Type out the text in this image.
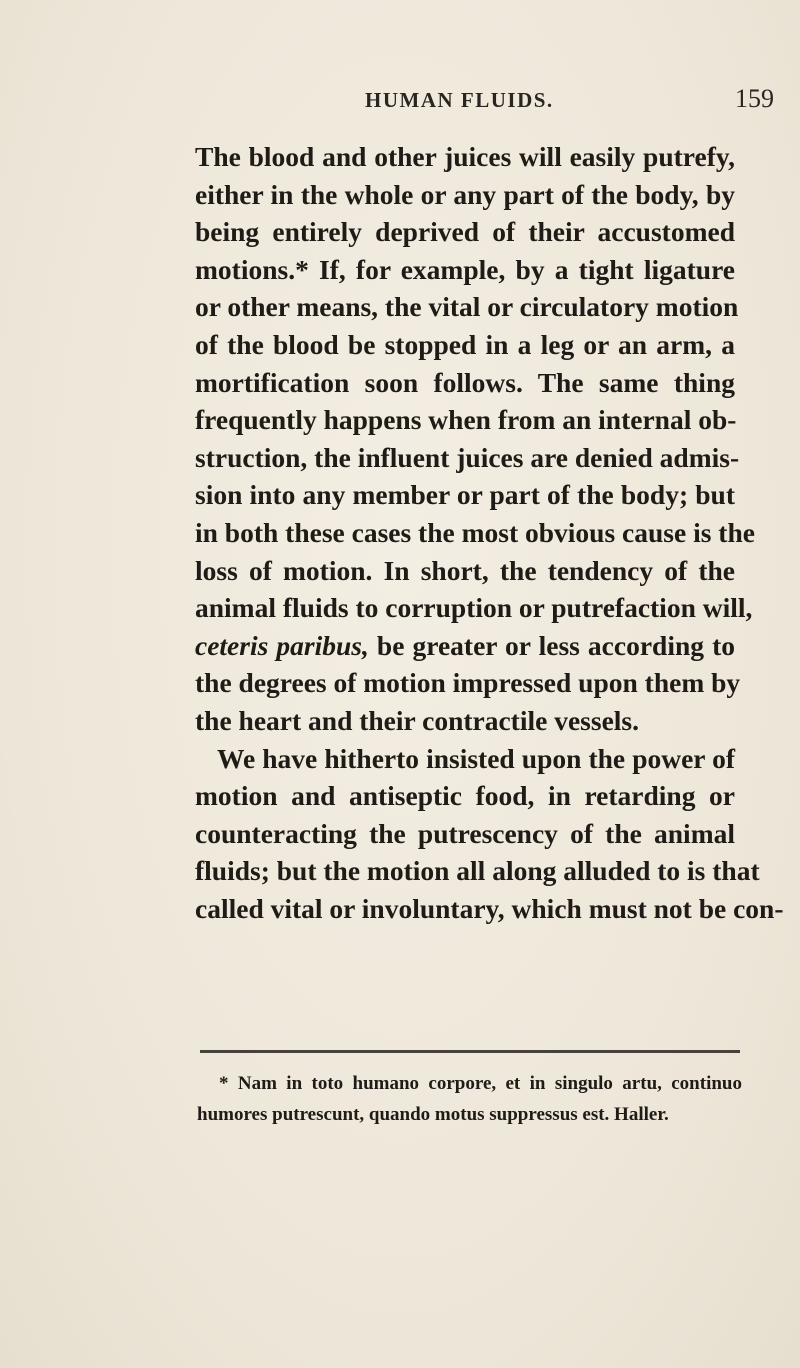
HUMAN FLUIDS.	159
The blood and other juices will easily putrefy,
either in the whole or any part of the body, by
being entirely deprived of their accustomed
motions.* If, for example, by a tight ligature
or other means, the vital or circulatory motion
of the blood be stopped in a leg or an arm, a
mortification soon follows. The same thing
frequently happens when from an internal ob-
struction, the influent juices are denied admis-
sion into any member or part of the body; but
in both these cases the most obvious cause is the
loss of motion. In short, the tendency of the
animal fluids to corruption or putrefaction will,
ceteris paribus, be greater or less according to
the degrees of motion impressed upon them by
the heart and their contractile vessels.
We have hitherto insisted upon the power of
motion and antiseptic food, in retarding or
counteracting the putrescency of the animal
fluids; but the motion all along alluded to is that
called vital or involuntary, which must not be con-
* Nam in toto humano corpore, et in singulo artu, continuo
humores putrescunt, quando motus suppressus est. Haller.
